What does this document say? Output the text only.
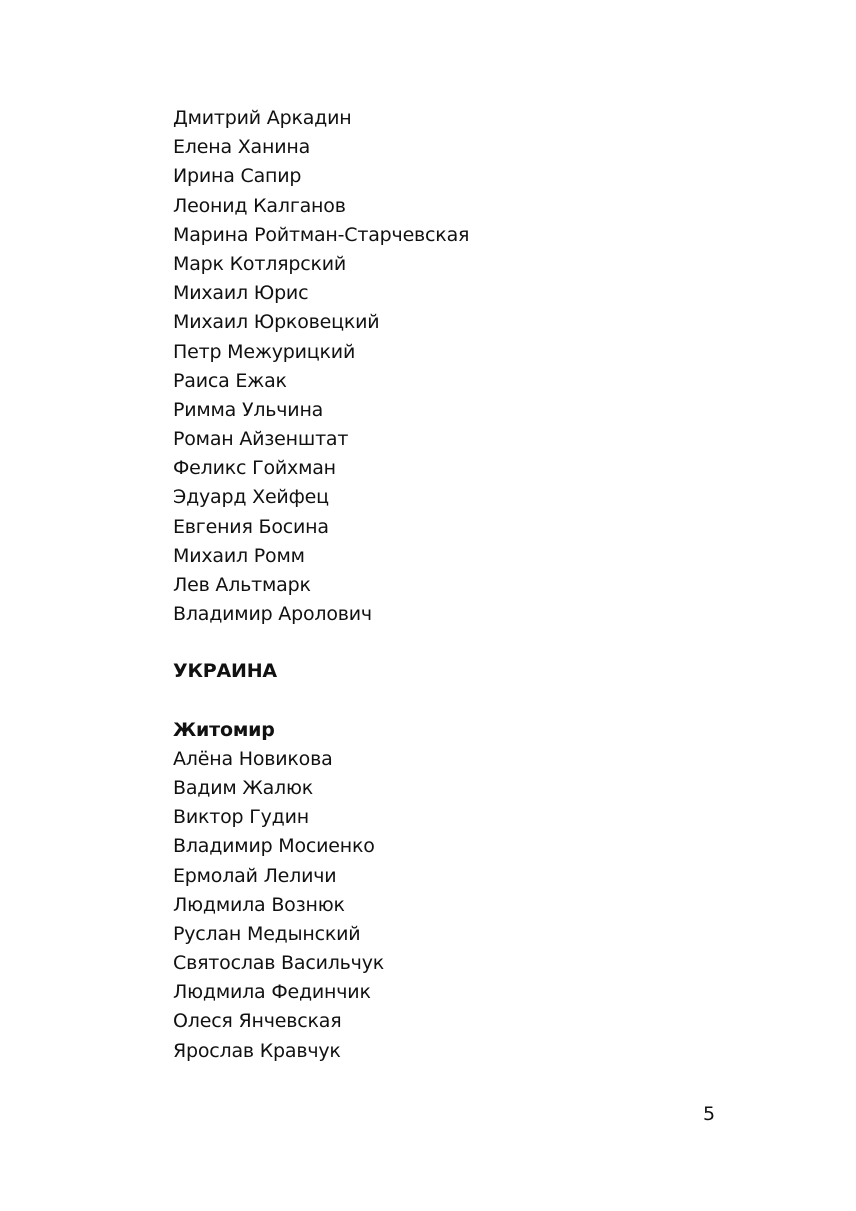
Дмитрий Аркадин
Елена Ханина
Ирина Сапир
Леонид Калганов
Марина Ройтман-Старчевская
Марк Котлярский
Михаил Юрис
Михаил Юрковецкий
Петр Межурицкий
Раиса Ежак
Римма Ульчина
Роман Айзенштат
Феликс Гойхман
Эдуард Хейфец
Евгения Босина
Михаил Ромм
Лев Альтмарк
Владимир Аролович
УКРАИНА
Житомир
Алёна Новикова
Вадим Жалюк
Виктор Гудин
Владимир Мосиенко
Ермолай Леличи
Людмила Вознюк
Руслан Медынский
Святослав Васильчук
Людмила Фединчик
Олеся Янчевская
Ярослав Кравчук
5
